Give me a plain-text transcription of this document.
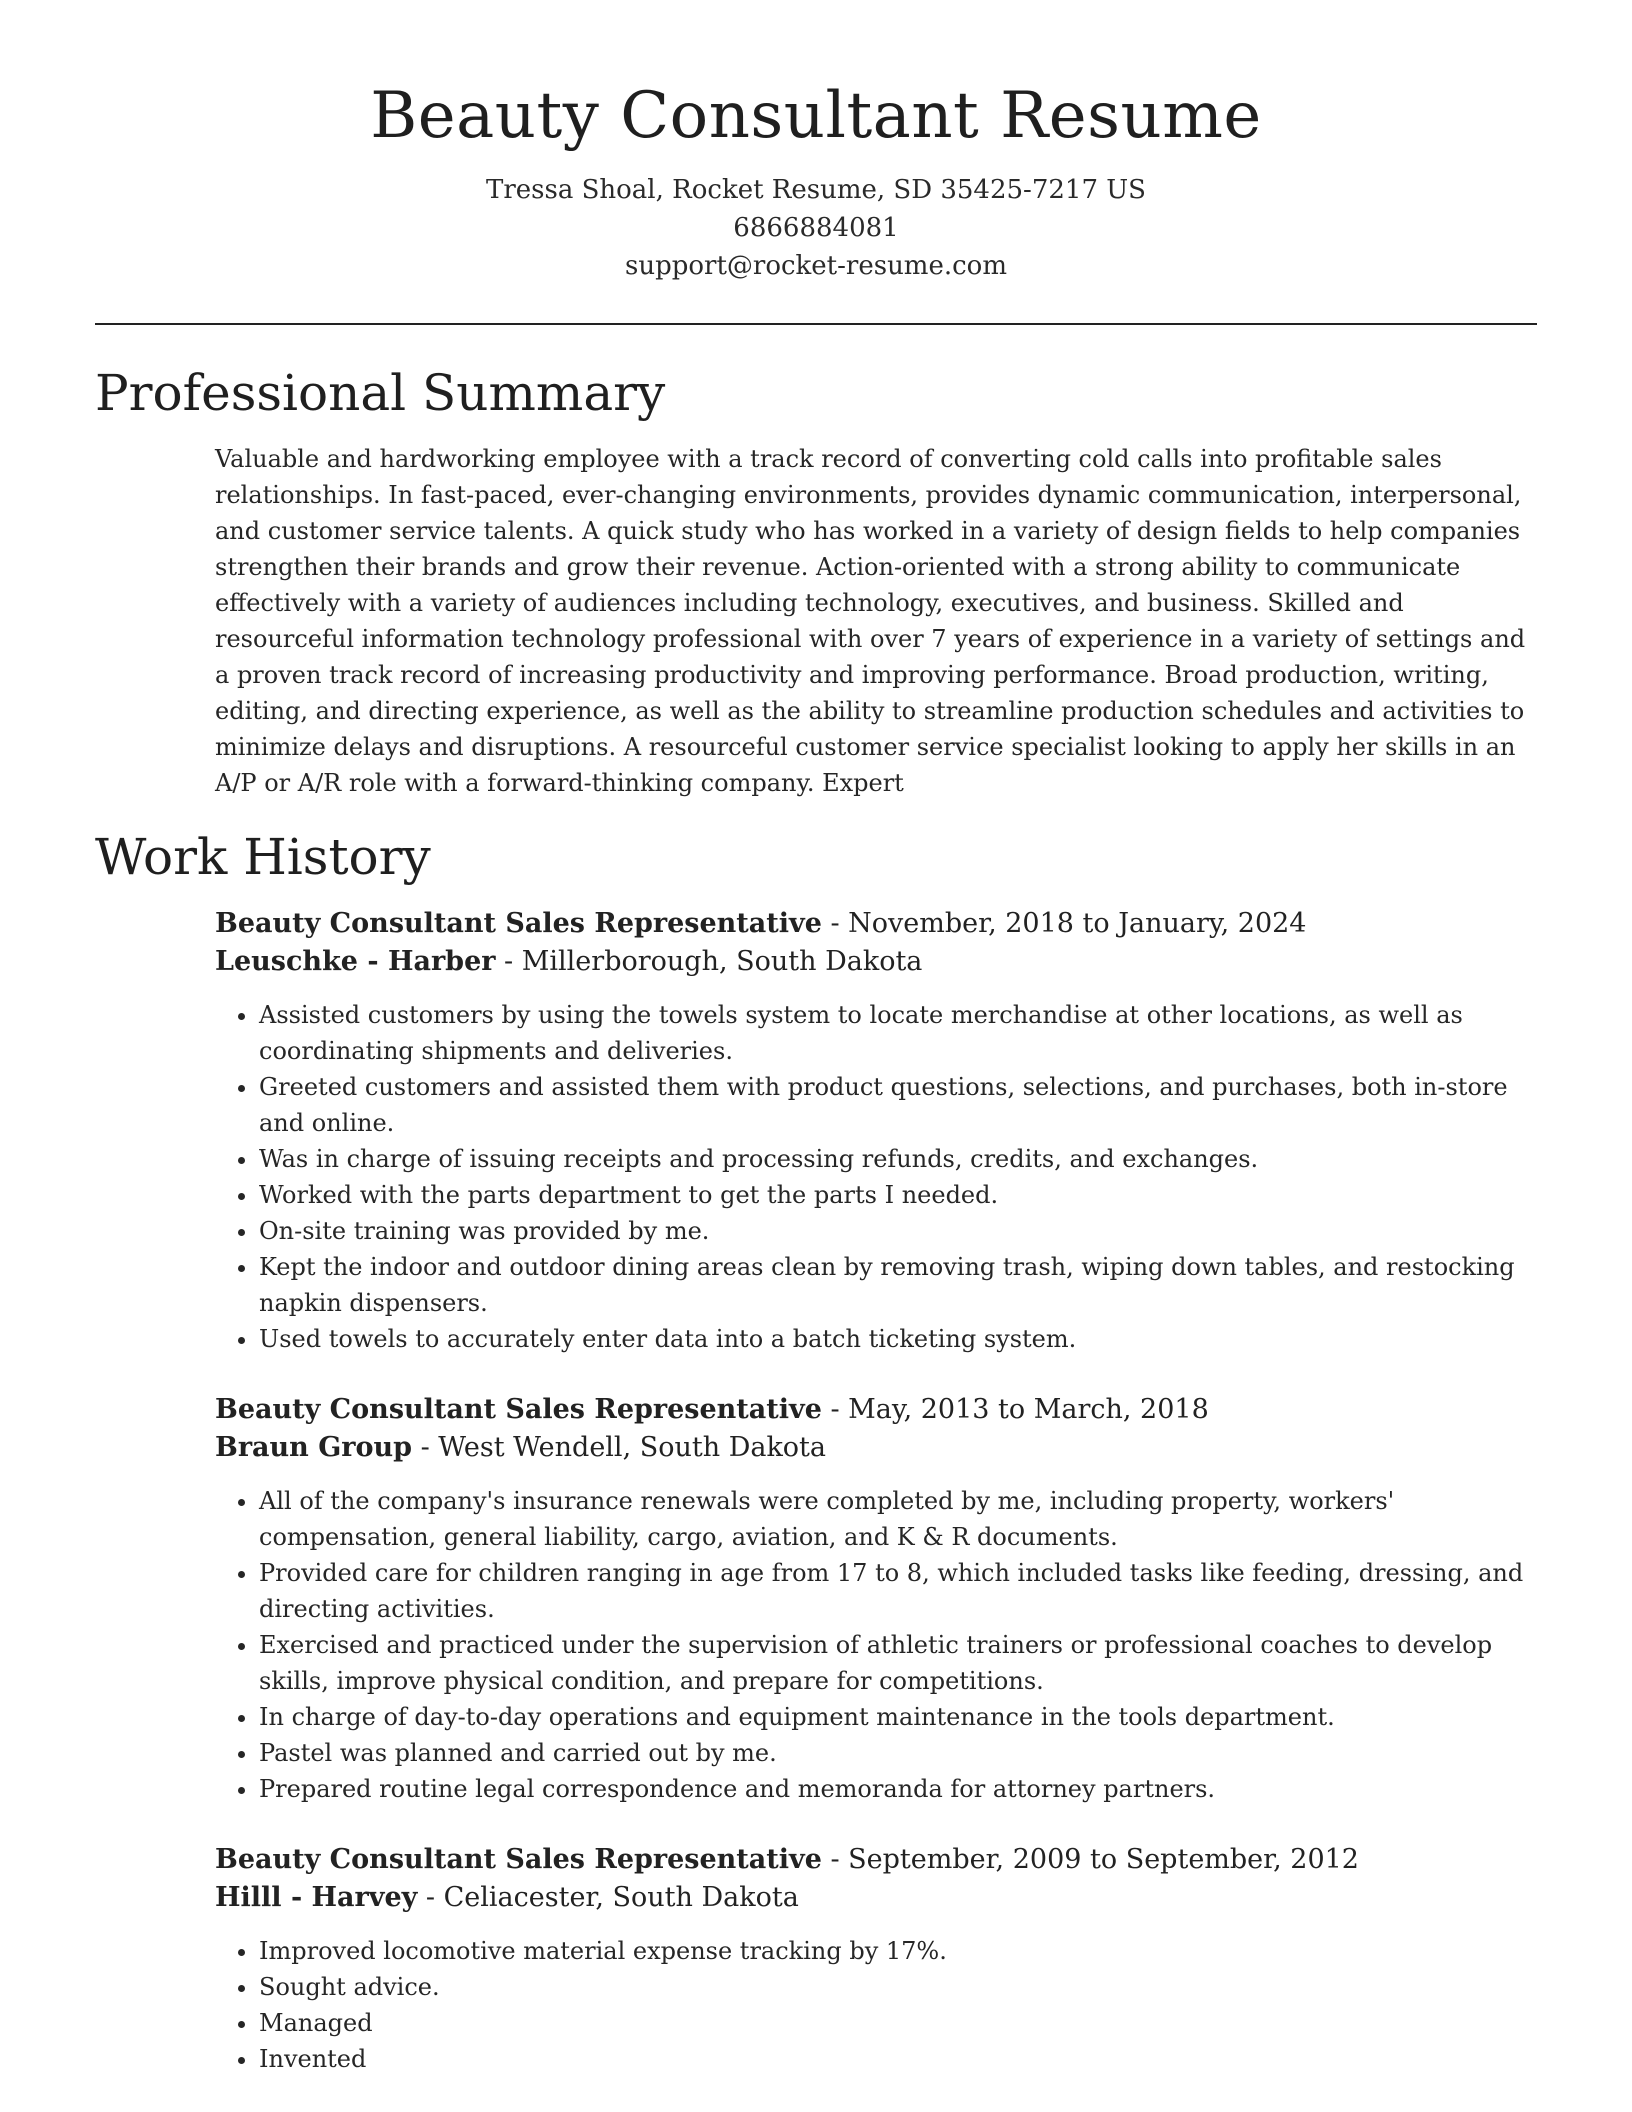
Beauty Consultant Resume
Tressa Shoal, Rocket Resume, SD 35425-7217 US
6866884081
support@rocket-resume.com
Professional Summary

Valuable and hardworking employee with a track record of converting cold calls into profitable sales relationships. In fast-paced, ever-changing environments, provides dynamic communication, interpersonal, and customer service talents. A quick study who has worked in a variety of design fields to help companies strengthen their brands and grow their revenue. Action-oriented with a strong ability to communicate effectively with a variety of audiences including technology, executives, and business. Skilled and resourceful information technology professional with over 7 years of experience in a variety of settings and a proven track record of increasing productivity and improving performance. Broad production, writing, editing, and directing experience, as well as the ability to streamline production schedules and activities to minimize delays and disruptions. A resourceful customer service specialist looking to apply her skills in an A/P or A/R role with a forward-thinking company. Expert

Work History
Beauty Consultant Sales Representative - November, 2018 to January, 2024
Leuschke - Harber - Millerborough, South Dakota
• Assisted customers by using the towels system to locate merchandise at other locations, as well as coordinating shipments and deliveries.
• Greeted customers and assisted them with product questions, selections, and purchases, both in-store and online.
• Was in charge of issuing receipts and processing refunds, credits, and exchanges.
• Worked with the parts department to get the parts I needed.
• On-site training was provided by me.
• Kept the indoor and outdoor dining areas clean by removing trash, wiping down tables, and restocking napkin dispensers.
• Used towels to accurately enter data into a batch ticketing system.
Beauty Consultant Sales Representative - May, 2013 to March, 2018
Braun Group - West Wendell, South Dakota
• All of the company's insurance renewals were completed by me, including property, workers' compensation, general liability, cargo, aviation, and K & R documents.
• Provided care for children ranging in age from 17 to 8, which included tasks like feeding, dressing, and directing activities.
• Exercised and practiced under the supervision of athletic trainers or professional coaches to develop skills, improve physical condition, and prepare for competitions.
• In charge of day-to-day operations and equipment maintenance in the tools department.
• Pastel was planned and carried out by me.
• Prepared routine legal correspondence and memoranda for attorney partners.
Beauty Consultant Sales Representative - September, 2009 to September, 2012
Hilll - Harvey - Celiacester, South Dakota
• Improved locomotive material expense tracking by 17%.
• Sought advice.
• Managed
• Invented
